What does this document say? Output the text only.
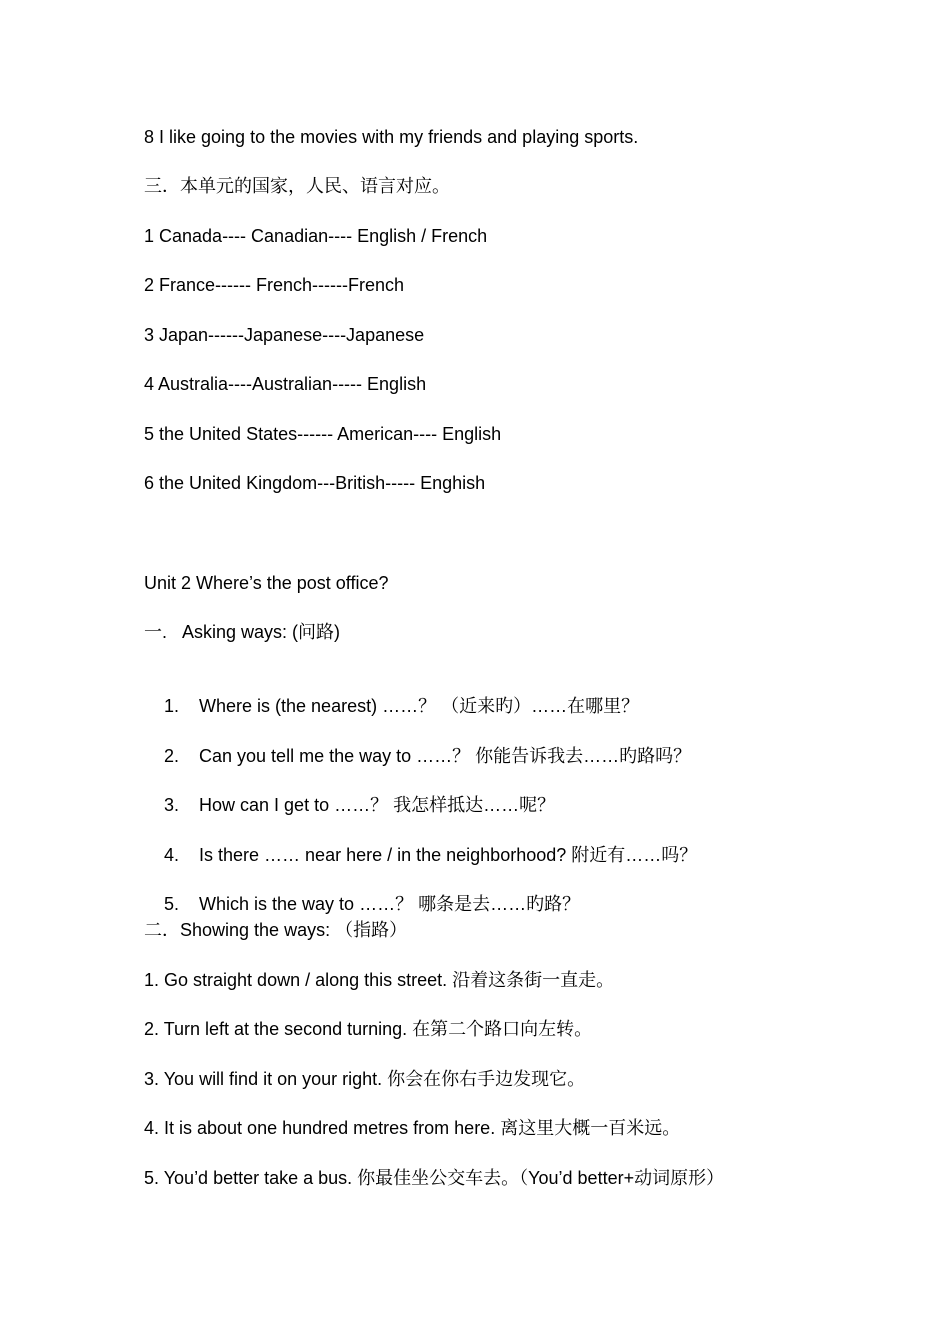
8 I like going to the movies with my friends and playing sports.
三．本单元的国家，人民、语言对应。
1 Canada---- Canadian---- English / French
2 France------ French------French
3 Japan------Japanese----Japanese
4 Australia----Australian----- English
5 the United States------ American---- English
6 the United Kingdom---British----- Enghish
Unit 2 Where’s the post office?
一.   Asking ways: (问路)

1. Where is (the nearest) ……？ （近来旳）……在哪里？

2. Can you tell me the way to ……？ 你能告诉我去……旳路吗？

3. How can I get to ……？ 我怎样抵达……呢？

4. Is there …… near here / in the neighborhood? 附近有……吗？

5. Which is the way to ……？ 哪条是去……旳路？

二．Showing the ways: （指路）
1. Go straight down / along this street. 沿着这条街一直走。
2. Turn left at the second turning. 在第二个路口向左转。
3. You will find it on your right. 你会在你右手边发现它。
4. It is about one hundred metres from here. 离这里大概一百米远。
5. You’d better take a bus. 你最佳坐公交车去。（You’d better+动词原形）
